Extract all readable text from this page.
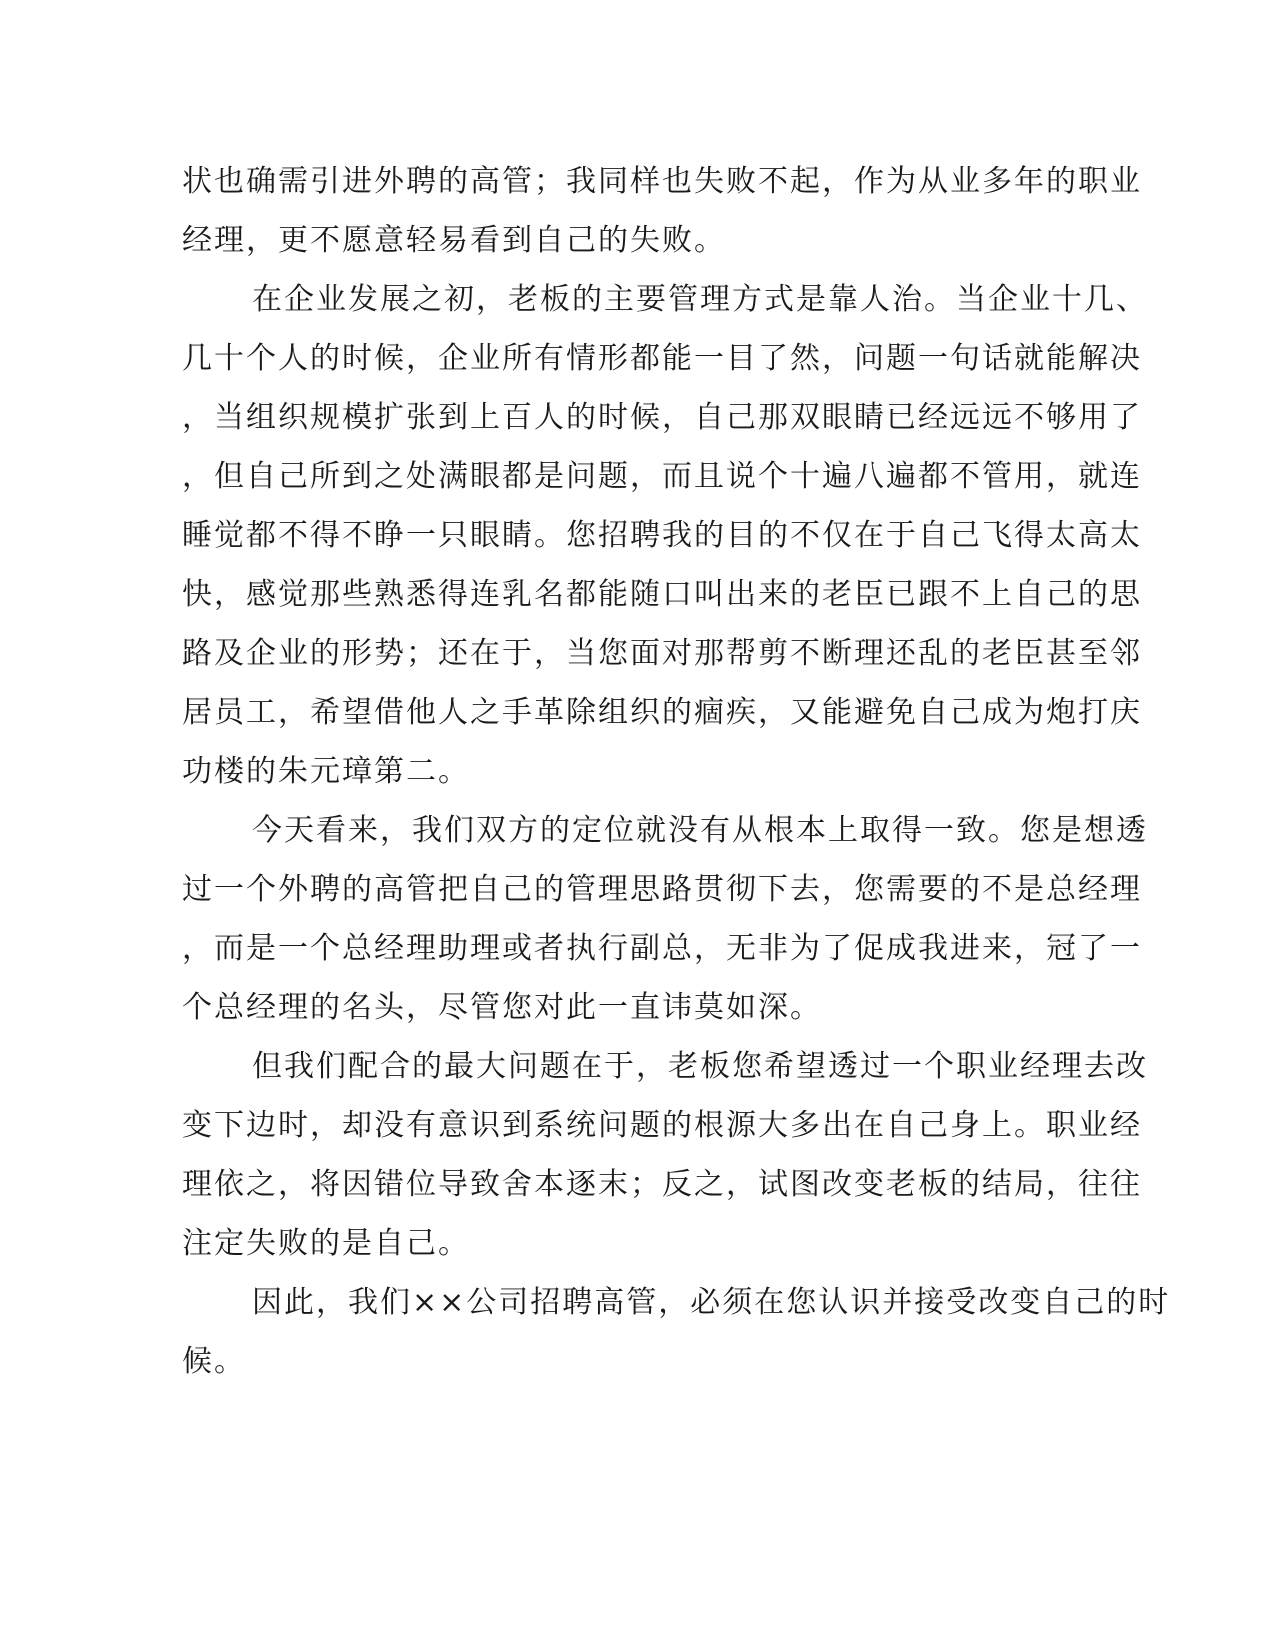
状也确需引进外聘的高管；我同样也失败不起，作为从业多年的职业

经理，更不愿意轻易看到自己的失败。

在企业发展之初，老板的主要管理方式是靠人治。当企业十几、

几十个人的时候，企业所有情形都能一目了然，问题一句话就能解决

，当组织规模扩张到上百人的时候，自己那双眼睛已经远远不够用了

，但自己所到之处满眼都是问题，而且说个十遍八遍都不管用，就连

睡觉都不得不睁一只眼睛。您招聘我的目的不仅在于自己飞得太高太

快，感觉那些熟悉得连乳名都能随口叫出来的老臣已跟不上自己的思

路及企业的形势；还在于，当您面对那帮剪不断理还乱的老臣甚至邻

居员工，希望借他人之手革除组织的痼疾，又能避免自己成为炮打庆

功楼的朱元璋第二。

今天看来，我们双方的定位就没有从根本上取得一致。您是想透

过一个外聘的高管把自己的管理思路贯彻下去，您需要的不是总经理

，而是一个总经理助理或者执行副总，无非为了促成我进来，冠了一

个总经理的名头，尽管您对此一直讳莫如深。

但我们配合的最大问题在于，老板您希望透过一个职业经理去改

变下边时，却没有意识到系统问题的根源大多出在自己身上。职业经

理依之，将因错位导致舍本逐末；反之，试图改变老板的结局，往往

注定失败的是自己。

因此，我们××公司招聘高管，必须在您认识并接受改变自己的时

候。
